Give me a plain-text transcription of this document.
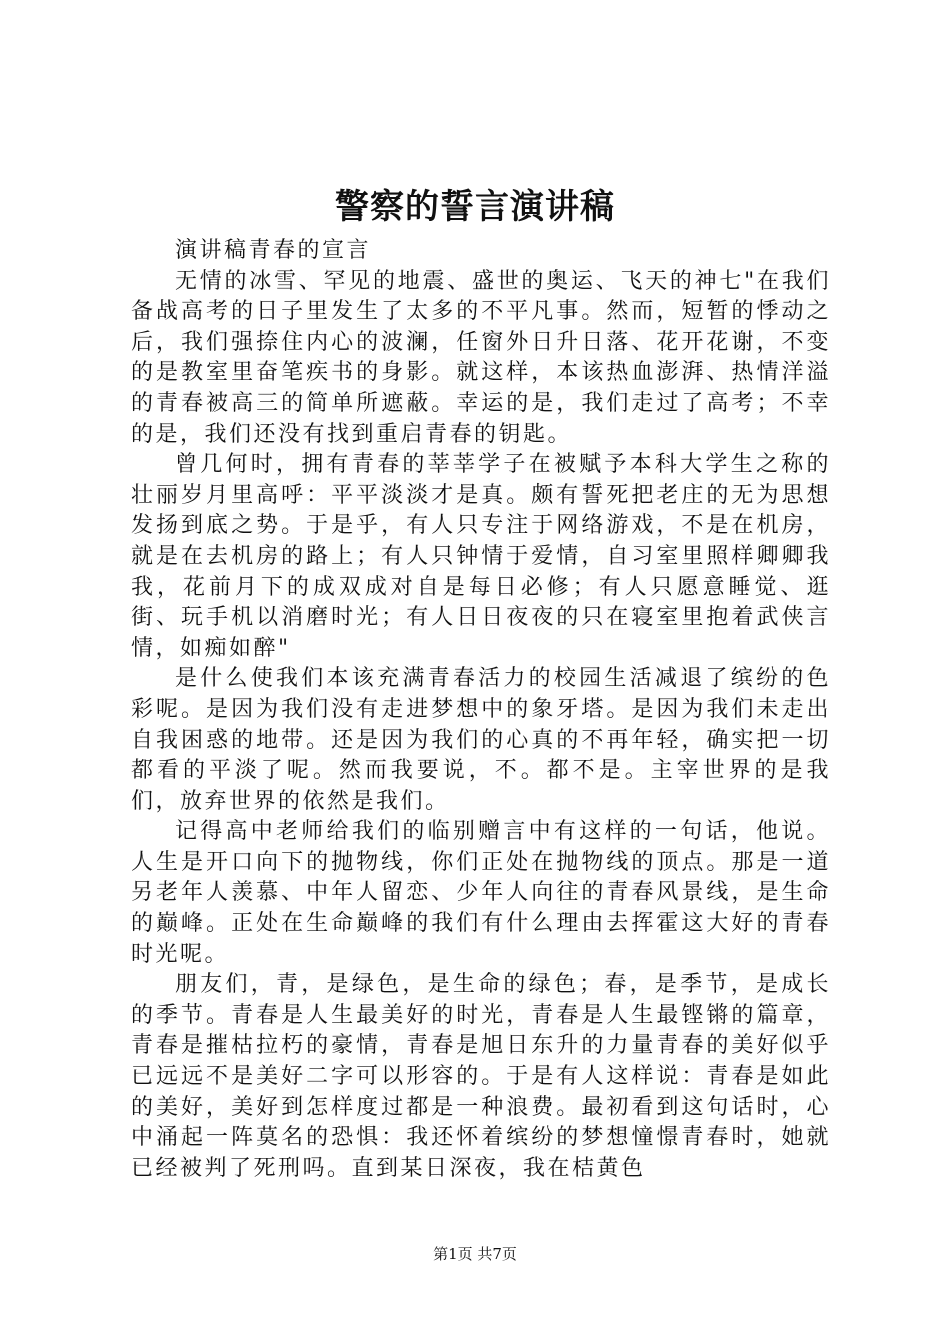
警察的誓言演讲稿

演讲稿青春的宣言

无情的冰雪、罕见的地震、盛世的奥运、飞天的神七"在我们备战高考的日子里发生了太多的不平凡事。然而，短暂的悸动之后，我们强捺住内心的波澜，任窗外日升日落、花开花谢，不变的是教室里奋笔疾书的身影。就这样，本该热血澎湃、热情洋溢的青春被高三的简单所遮蔽。幸运的是，我们走过了高考；不幸的是，我们还没有找到重启青春的钥匙。

曾几何时，拥有青春的莘莘学子在被赋予本科大学生之称的壮丽岁月里高呼：平平淡淡才是真。颇有誓死把老庄的无为思想发扬到底之势。于是乎，有人只专注于网络游戏，不是在机房，就是在去机房的路上；有人只钟情于爱情，自习室里照样卿卿我我，花前月下的成双成对自是每日必修；有人只愿意睡觉、逛街、玩手机以消磨时光；有人日日夜夜的只在寝室里抱着武侠言情，如痴如醉"

是什么使我们本该充满青春活力的校园生活减退了缤纷的色彩呢。是因为我们没有走进梦想中的象牙塔。是因为我们未走出自我困惑的地带。还是因为我们的心真的不再年轻，确实把一切都看的平淡了呢。然而我要说，不。都不是。主宰世界的是我们，放弃世界的依然是我们。

记得高中老师给我们的临别赠言中有这样的一句话，他说。人生是开口向下的抛物线，你们正处在抛物线的顶点。那是一道另老年人羡慕、中年人留恋、少年人向往的青春风景线，是生命的巅峰。正处在生命巅峰的我们有什么理由去挥霍这大好的青春时光呢。

朋友们，青，是绿色，是生命的绿色；春，是季节，是成长的季节。青春是人生最美好的时光，青春是人生最铿锵的篇章，青春是摧枯拉朽的豪情，青春是旭日东升的力量青春的美好似乎已远远不是美好二字可以形容的。于是有人这样说：青春是如此的美好，美好到怎样度过都是一种浪费。最初看到这句话时，心中涌起一阵莫名的恐惧：我还怀着缤纷的梦想憧憬青春时，她就已经被判了死刑吗。直到某日深夜，我在桔黄色

第1页 共7页
